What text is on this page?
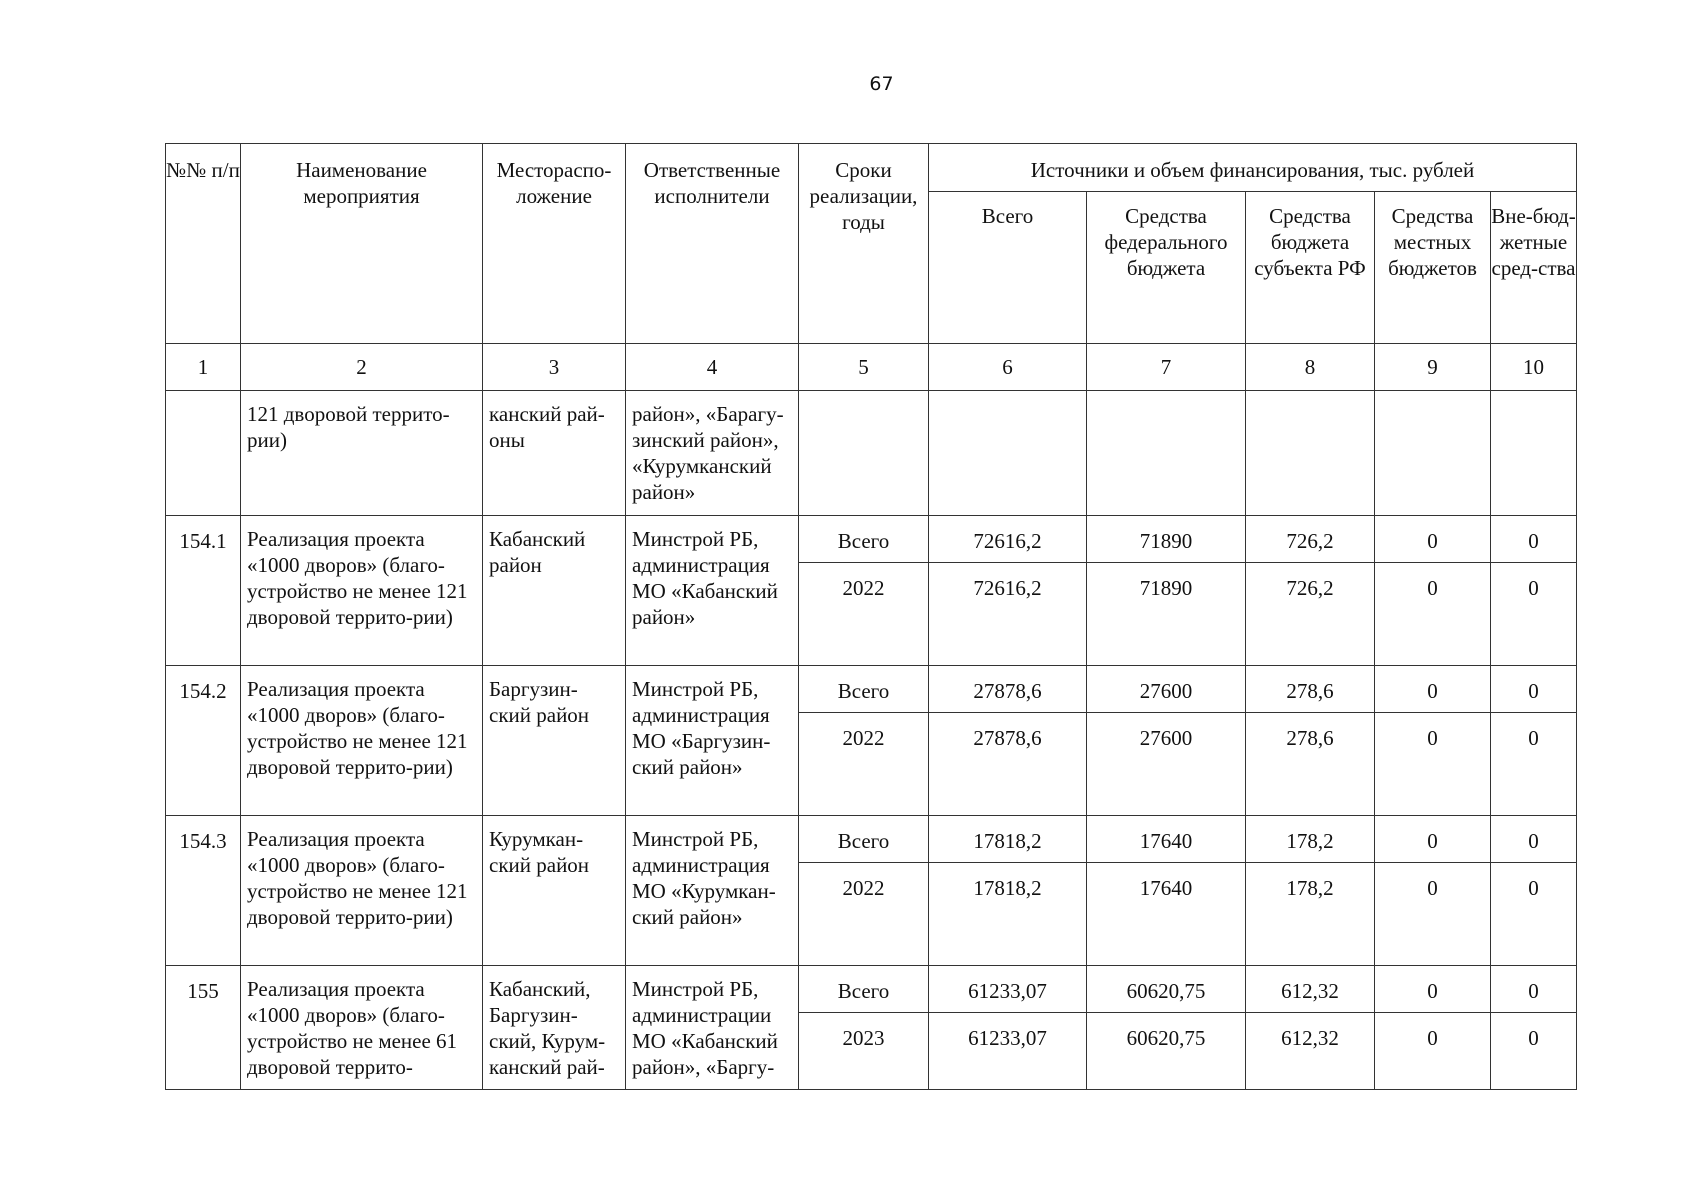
67
№№ п/п	Наименование мероприятия	Местораспо-ложение	Ответственные исполнители	Сроки реализации, годы	Источники и объем финансирования, тыс. рублей				
					Всего	Средства федерального бюджета	Средства бюджета субъекта РФ	Средства местных бюджетов	Вне-бюд-жетные сред-ства
1	2	3	4	5	6	7	8	9	10
	121 дворовой террито-рии)	канский рай-оны	район», «Барагу-зинский район», «Курумканский район»						
154.1	Реализация проекта «1000 дворов» (благо-устройство не менее 121 дворовой террито-рии)	Кабанский район	Минстрой РБ, администрация МО «Кабанский район»	Всего	72616,2	71890	726,2	0	0
				2022	72616,2	71890	726,2	0	0
154.2	Реализация проекта «1000 дворов» (благо-устройство не менее 121 дворовой террито-рии)	Баргузин-ский район	Минстрой РБ, администрация МО «Баргузин-ский район»	Всего	27878,6	27600	278,6	0	0
				2022	27878,6	27600	278,6	0	0
154.3	Реализация проекта «1000 дворов» (благо-устройство не менее 121 дворовой террито-рии)	Курумкан-ский район	Минстрой РБ, администрация МО «Курумкан-ский район»	Всего	17818,2	17640	178,2	0	0
				2022	17818,2	17640	178,2	0	0
155	Реализация проекта «1000 дворов» (благо-устройство не менее 61 дворовой террито-	Кабанский, Баргузин-ский, Курум-канский рай-	Минстрой РБ, администрации МО «Кабанский район», «Баргу-	Всего	61233,07	60620,75	612,32	0	0
				2023	61233,07	60620,75	612,32	0	0
